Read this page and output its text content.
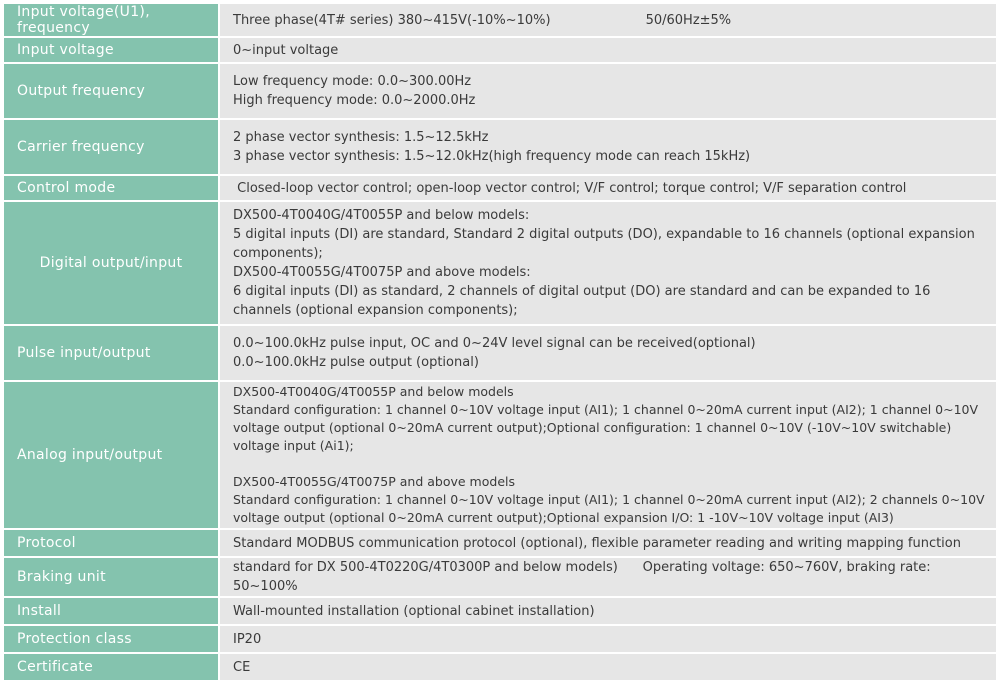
Input voltage(U1), frequency	Three phase(4T# series) 380~415V(-10%~10%)                       50/60Hz±5%

Input voltage	0~input voltage

Output frequency	Low frequency mode: 0.0~300.00Hz
High frequency mode: 0.0~2000.0Hz

Carrier frequency	2 phase vector synthesis: 1.5~12.5kHz
3 phase vector synthesis: 1.5~12.0kHz(high frequency mode can reach 15kHz)

Control mode	Closed-loop vector control; open-loop vector control; V/F control; torque control; V/F separation control

Digital output/input	DX500-4T0040G/4T0055P and below models:
5 digital inputs (DI) are standard, Standard 2 digital outputs (DO), expandable to 16 channels (optional expansion components);
DX500-4T0055G/4T0075P and above models:
6 digital inputs (DI) as standard, 2 channels of digital output (DO) are standard and can be expanded to 16 channels (optional expansion components);

Pulse input/output	0.0~100.0kHz pulse input, OC and 0~24V level signal can be received(optional)
0.0~100.0kHz pulse output (optional)

Analog input/output	DX500-4T0040G/4T0055P and below models
Standard configuration: 1 channel 0~10V voltage input (AI1); 1 channel 0~20mA current input (AI2); 1 channel 0~10V voltage output (optional 0~20mA current output);Optional configuration: 1 channel 0~10V (-10V~10V switchable) voltage input (Ai1);
DX500-4T0055G/4T0075P and above models
Standard configuration: 1 channel 0~10V voltage input (AI1); 1 channel 0~20mA current input (AI2); 2 channels 0~10V voltage output (optional 0~20mA current output);Optional expansion I/O: 1 -10V~10V voltage input (AI3)

Protocol	Standard MODBUS communication protocol (optional), flexible parameter reading and writing mapping function

Braking unit	standard for DX 500-4T0220G/4T0300P and below models)      Operating voltage: 650~760V, braking rate: 50~100%

Install	Wall-mounted installation (optional cabinet installation)

Protection class	IP20

Certificate	CE
